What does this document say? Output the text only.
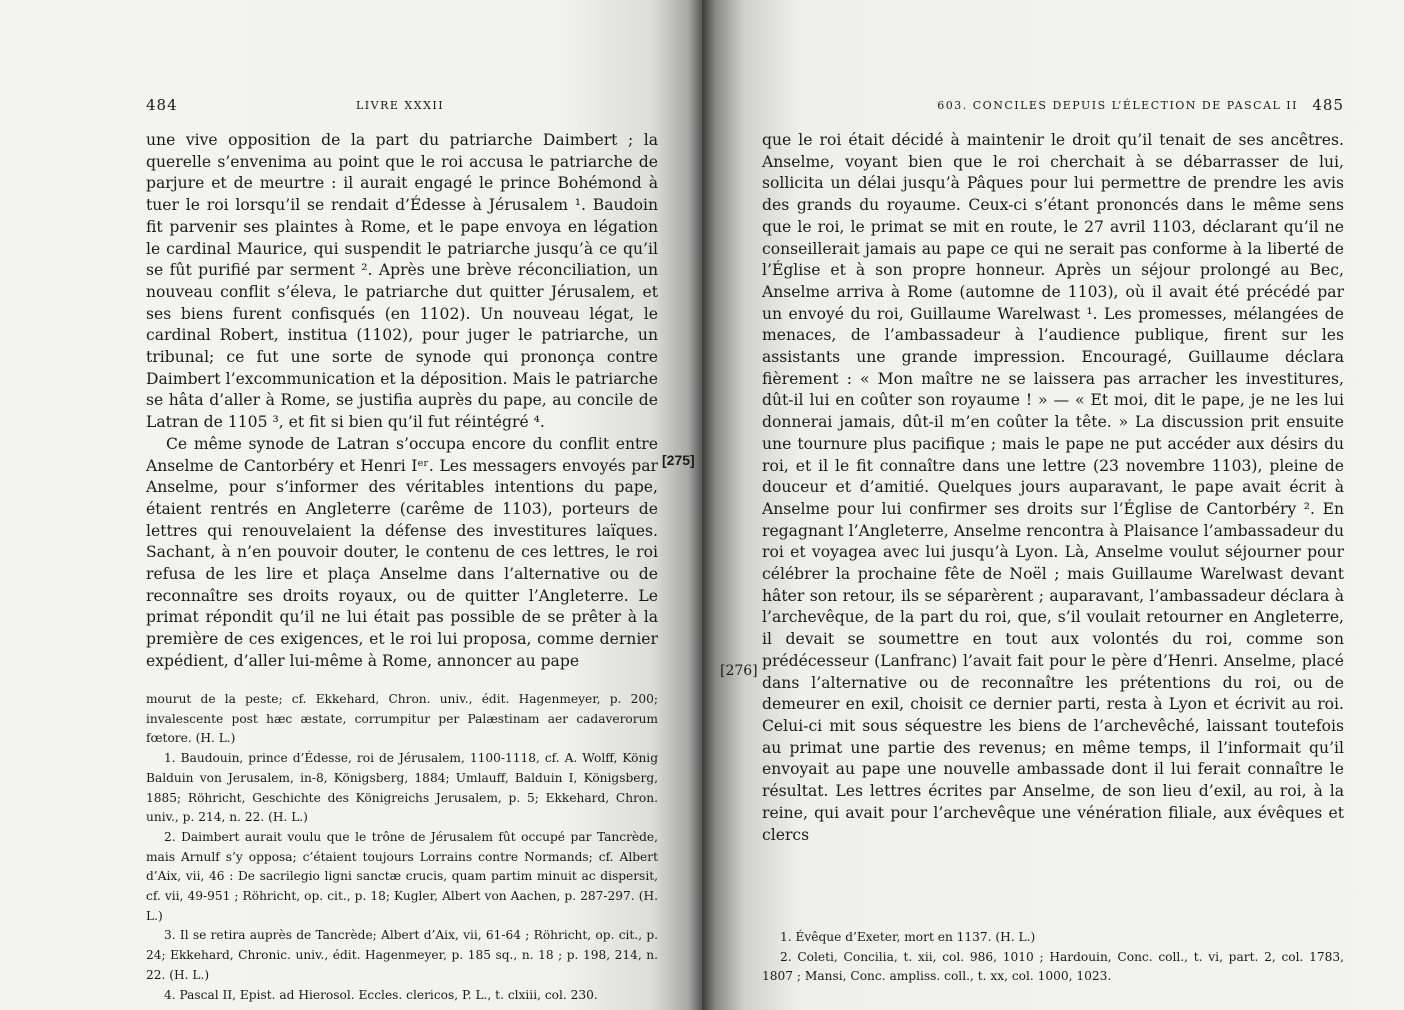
484	LIVRE XXXII

une vive opposition de la part du patriarche Daimbert ; la querelle s’envenima au point que le roi accusa le patriarche de parjure et de meurtre : il aurait engagé le prince Bohémond à tuer le roi lorsqu’il se rendait d’Édesse à Jérusalem ¹. Baudoin fit parvenir ses plaintes à Rome, et le pape envoya en légation le cardinal Maurice, qui suspendit le patriarche jusqu’à ce qu’il se fût purifié par serment ². Après une brève réconciliation, un nouveau conflit s’éleva, le patriarche dut quitter Jérusalem, et ses biens furent confisqués (en 1102). Un nouveau légat, le cardinal Robert, institua (1102), pour juger le patriarche, un tribunal; ce fut une sorte de synode qui prononça contre Daimbert l’excommunication et la déposition. Mais le patriarche se hâta d’aller à Rome, se justifia auprès du pape, au concile de Latran de 1105 ³, et fit si bien qu’il fut réintégré ⁴.
Ce même synode de Latran s’occupa encore du conflit entre Anselme de Cantorbéry et Henri Iᵉʳ. Les messagers envoyés par Anselme, pour s’informer des véritables intentions du pape, étaient rentrés en Angleterre (carême de 1103), porteurs de lettres qui renouvelaient la défense des investitures laïques. Sachant, à n’en pouvoir douter, le contenu de ces lettres, le roi refusa de les lire et plaça Anselme dans l’alternative ou de reconnaître ses droits royaux, ou de quitter l’Angleterre. Le primat répondit qu’il ne lui était pas possible de se prêter à la première de ces exigences, et le roi lui proposa, comme dernier expédient, d’aller lui-même à Rome, annoncer au pape

mourut de la peste; cf. Ekkehard, Chron. univ., édit. Hagenmeyer, p. 200; invalescente post hæc æstate, corrumpitur per Palæstinam aer cadaverorum fœtore. (H. L.)
1. Baudouin, prince d’Édesse, roi de Jérusalem, 1100-1118, cf. A. Wolff, König Balduin von Jerusalem, in-8, Königsberg, 1884; Umlauff, Balduin I, Königsberg, 1885; Röhricht, Geschichte des Königreichs Jerusalem, p. 5; Ekkehard, Chron. univ., p. 214, n. 22. (H. L.)
2. Daimbert aurait voulu que le trône de Jérusalem fût occupé par Tancrède, mais Arnulf s’y opposa; c’étaient toujours Lorrains contre Normands; cf. Albert d’Aix, vii, 46 : De sacrilegio ligni sanctæ crucis, quam partim minuit ac dispersit, cf. vii, 49-951 ; Röhricht, op. cit., p. 18; Kugler, Albert von Aachen, p. 287-297. (H. L.)
3. Il se retira auprès de Tancrède; Albert d’Aix, vii, 61-64 ; Röhricht, op. cit., p. 24; Ekkehard, Chronic. univ., édit. Hagenmeyer, p. 185 sq., n. 18 ; p. 198, 214, n. 22. (H. L.)
4. Pascal II, Epist. ad Hierosol. Eccles. clericos, P. L., t. clxiii, col. 230.
[275]
603. CONCILES DEPUIS L’ÉLECTION DE PASCAL II 485

que le roi était décidé à maintenir le droit qu’il tenait de ses ancêtres. Anselme, voyant bien que le roi cherchait à se débarrasser de lui, sollicita un délai jusqu’à Pâques pour lui permettre de prendre les avis des grands du royaume. Ceux-ci s’étant prononcés dans le même sens que le roi, le primat se mit en route, le 27 avril 1103, déclarant qu’il ne conseillerait jamais au pape ce qui ne serait pas conforme à la liberté de l’Église et à son propre honneur. Après un séjour prolongé au Bec, Anselme arriva à Rome (automne de 1103), où il avait été précédé par un envoyé du roi, Guillaume Warelwast ¹. Les promesses, mélangées de menaces, de l’ambassadeur à l’audience publique, firent sur les assistants une grande impression. Encouragé, Guillaume déclara fièrement : « Mon maître ne se laissera pas arracher les investitures, dût-il lui en coûter son royaume ! » — « Et moi, dit le pape, je ne les lui donnerai jamais, dût-il m’en coûter la tête. » La discussion prit ensuite une tournure plus pacifique ; mais le pape ne put accéder aux désirs du roi, et il le fit connaître dans une lettre (23 novembre 1103), pleine de douceur et d’amitié. Quelques jours auparavant, le pape avait écrit à Anselme pour lui confirmer ses droits sur l’Église de Cantorbéry ². En regagnant l’Angleterre, Anselme rencontra à Plaisance l’ambassadeur du roi et voyagea avec lui jusqu’à Lyon. Là, Anselme voulut séjourner pour célébrer la prochaine fête de Noël ; mais Guillaume Warelwast devant hâter son retour, ils se séparèrent ; auparavant, l’ambassadeur déclara à l’archevêque, de la part du roi, que, s’il voulait retourner en Angleterre, il devait se soumettre en tout aux volontés du roi, comme son prédécesseur (Lanfranc) l’avait fait pour le père d’Henri. Anselme, placé dans l’alternative ou de reconnaître les prétentions du roi, ou de demeurer en exil, choisit ce dernier parti, resta à Lyon et écrivit au roi. Celui-ci mit sous séquestre les biens de l’archevêché, laissant toutefois au primat une partie des revenus; en même temps, il l’informait qu’il envoyait au pape une nouvelle ambassade dont il lui ferait connaître le résultat. Les lettres écrites par Anselme, de son lieu d’exil, au roi, à la reine, qui avait pour l’archevêque une vénération filiale, aux évêques et clercs

[276]
1. Évêque d’Exeter, mort en 1137. (H. L.)
2. Coleti, Concilia, t. xii, col. 986, 1010 ; Hardouin, Conc. coll., t. vi, part. 2, col. 1783, 1807 ; Mansi, Conc. ampliss. coll., t. xx, col. 1000, 1023.
